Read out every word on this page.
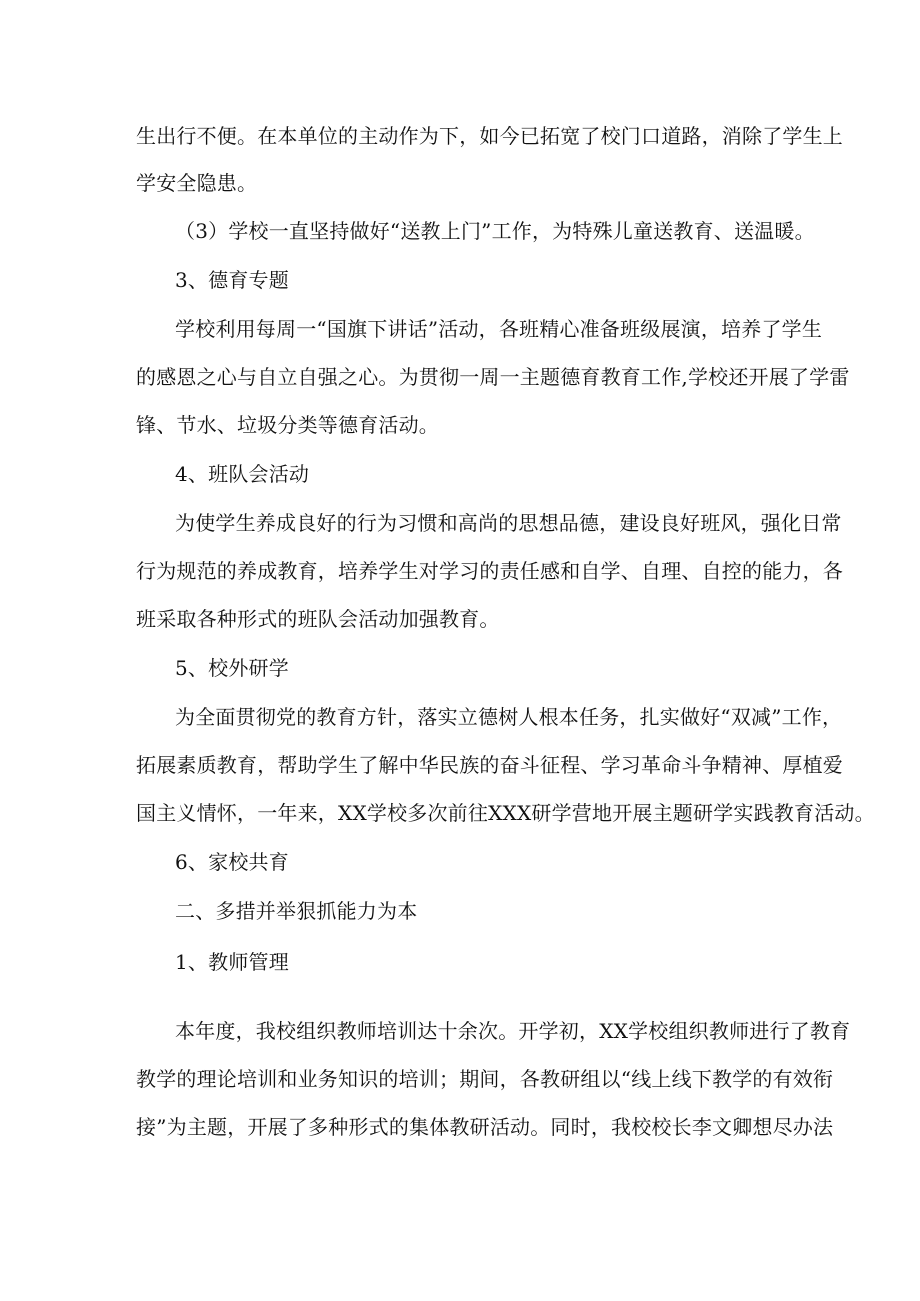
生出行不便。在本单位的主动作为下，如今已拓宽了校门口道路，消除了学生上

学安全隐患。

（3）学校一直坚持做好“送教上门”工作，为特殊儿童送教育、送温暖。

3、德育专题

学校利用每周一“国旗下讲话”活动，各班精心准备班级展演，培养了学生

的感恩之心与自立自强之心。为贯彻一周一主题德育教育工作,学校还开展了学雷

锋、节水、垃圾分类等德育活动。

4、班队会活动

为使学生养成良好的行为习惯和高尚的思想品德，建设良好班风，强化日常

行为规范的养成教育，培养学生对学习的责任感和自学、自理、自控的能力，各

班采取各种形式的班队会活动加强教育。

5、校外研学

为全面贯彻党的教育方针，落实立德树人根本任务，扎实做好“双减”工作，

拓展素质教育，帮助学生了解中华民族的奋斗征程、学习革命斗争精神、厚植爱

国主义情怀，一年来，XX学校多次前往XXX研学营地开展主题研学实践教育活动。

6、家校共育

二、多措并举狠抓能力为本

1、教师管理

本年度，我校组织教师培训达十余次。开学初，XX学校组织教师进行了教育

教学的理论培训和业务知识的培训；期间，各教研组以“线上线下教学的有效衔

接”为主题，开展了多种形式的集体教研活动。同时，我校校长李文卿想尽办法
